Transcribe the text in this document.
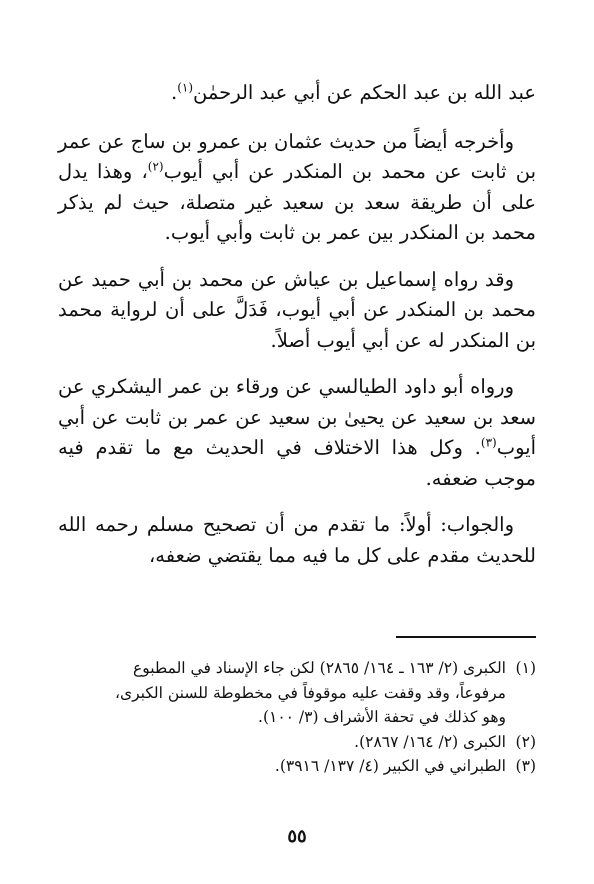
عبد الله بن عبد الحكم عن أبي عبد الرحمٰن$^{(١)}$.

وأخرجه أيضاً من حديث عثمان بن عمرو بن ساج عن عمر بن ثابت عن محمد بن المنكدر عن أبي أيوب$^{(٢)}$، وهذا يدل على أن طريقة سعد بن سعيد غير متصلة، حيث لم يذكر محمد بن المنكدر بين عمر بن ثابت وأبي أيوب.

وقد رواه إسماعيل بن عياش عن محمد بن أبي حميد عن محمد بن المنكدر عن أبي أيوب، فَدَلَّ على أن لرواية محمد بن المنكدر له عن أبي أيوب أصلاً.

ورواه أبو داود الطيالسي عن ورقاء بن عمر اليشكري عن سعد بن سعيد عن يحيىٰ بن سعيد عن عمر بن ثابت عن أبي أيوب$^{(٣)}$. وكل هذا الاختلاف في الحديث مع ما تقدم فيه موجب ضعفه.

والجواب: أولاً: ما تقدم من أن تصحيح مسلم رحمه الله للحديث مقدم على كل ما فيه مما يقتضي ضعفه،

(١)
الكبرى (٢/ ١٦٣ ـ ١٦٤/ ٢٨٦٥) لكن جاء الإسناد في المطبوع
مرفوعاً، وقد وقفت عليه موقوفاً في مخطوطة للسنن الكبرى،
وهو كذلك في تحفة الأشراف (٣/ ١٠٠).
(٢)
الكبرى (٢/ ١٦٤/ ٢٨٦٧).
(٣)
الطبراني في الكبير (٤/ ١٣٧/ ٣٩١٦).
٥٥
